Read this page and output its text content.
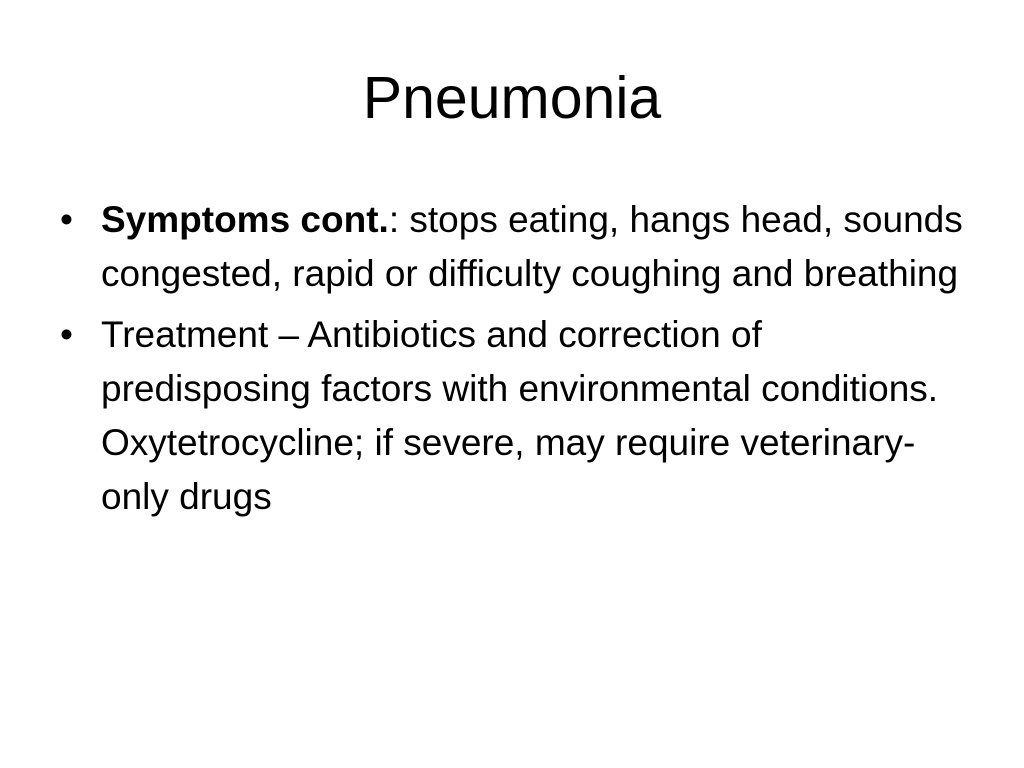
Pneumonia
• Symptoms cont.: stops eating, hangs head, sounds congested, rapid or difficulty coughing and breathing
• Treatment – Antibiotics and correction of predisposing factors with environmental conditions. Oxytetrocycline; if severe, may require veterinary-only drugs
